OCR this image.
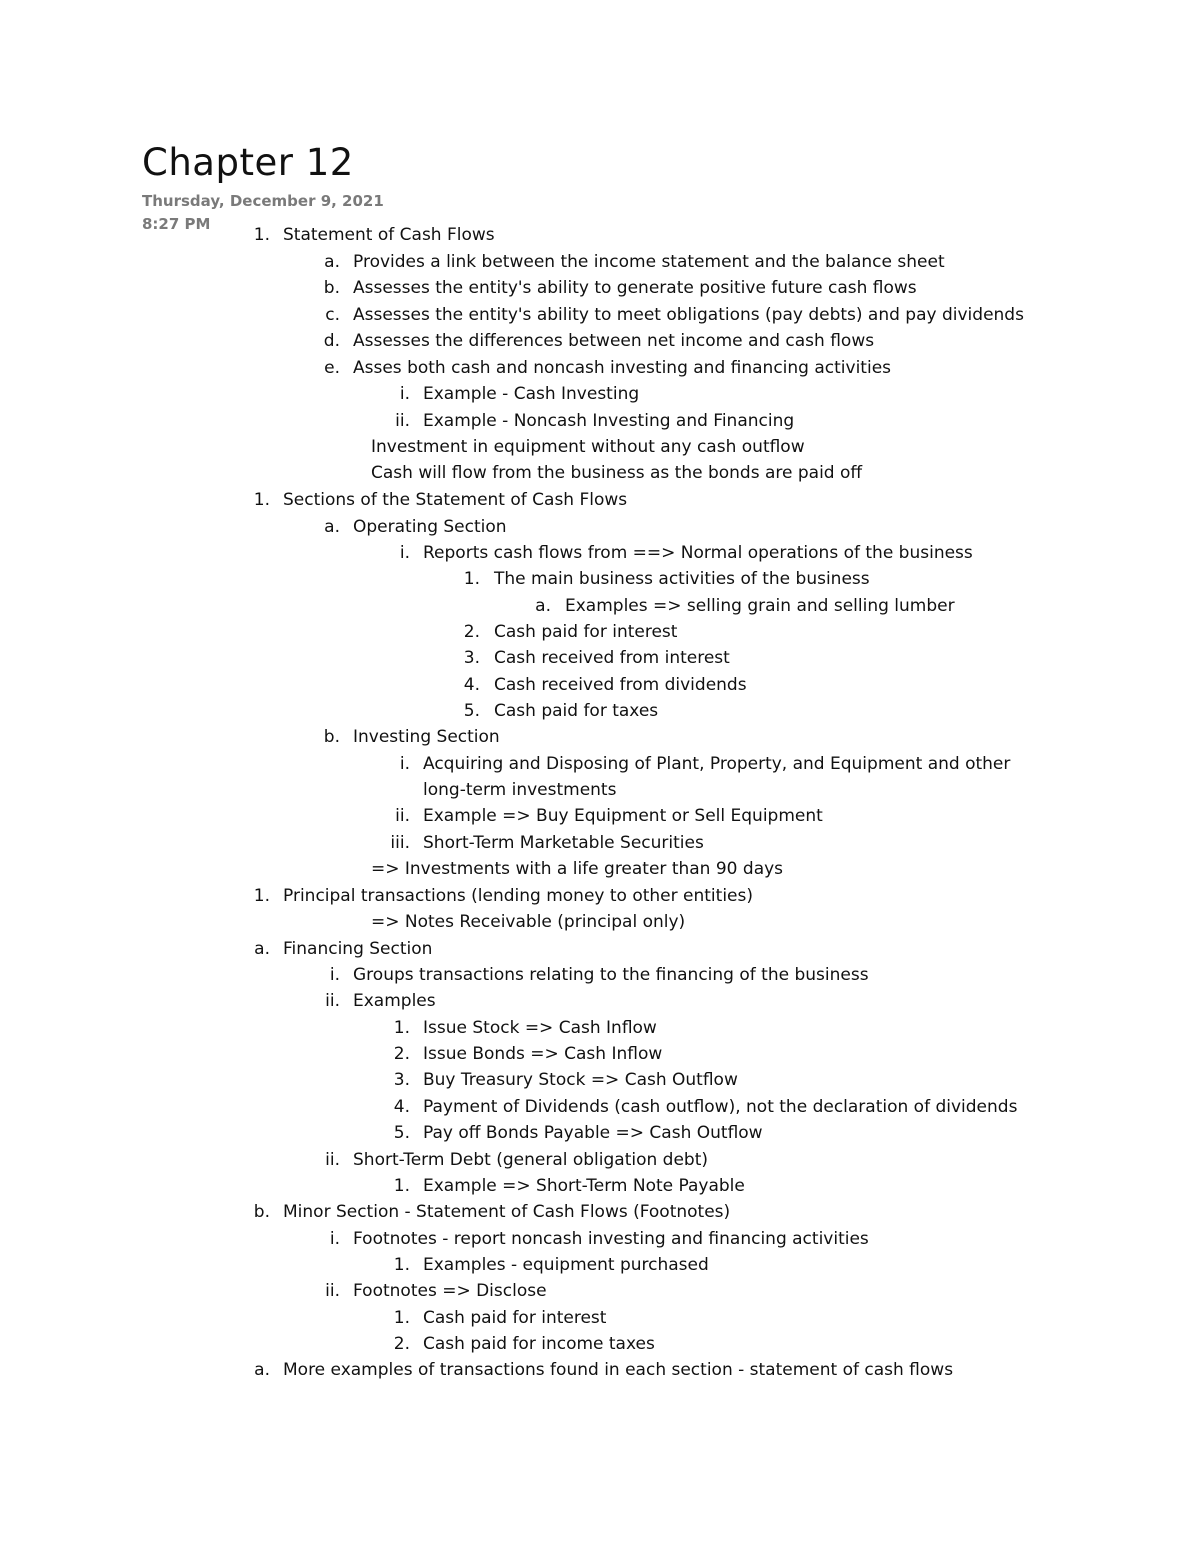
Chapter 12
Thursday, December 9, 2021
8:27 PM
1. Statement of Cash Flows
a. Provides a link between the income statement and the balance sheet
b. Assesses the entity's ability to generate positive future cash flows
c. Assesses the entity's ability to meet obligations (pay debts) and pay dividends
d. Assesses the differences between net income and cash flows
e. Asses both cash and noncash investing and financing activities
i. Example - Cash Investing
ii. Example - Noncash Investing and Financing
Investment in equipment without any cash outflow
Cash will flow from the business as the bonds are paid off
1. Sections of the Statement of Cash Flows
a. Operating Section
i. Reports cash flows from ==> Normal operations of the business
1. The main business activities of the business
a. Examples => selling grain and selling lumber
2. Cash paid for interest
3. Cash received from interest
4. Cash received from dividends
5. Cash paid for taxes
b. Investing Section
i. Acquiring and Disposing of Plant, Property, and Equipment and other
long-term investments
ii. Example => Buy Equipment or Sell Equipment
iii. Short-Term Marketable Securities
=> Investments with a life greater than 90 days
1. Principal transactions (lending money to other entities)
=> Notes Receivable (principal only)
a. Financing Section
i. Groups transactions relating to the financing of the business
ii. Examples
1. Issue Stock => Cash Inflow
2. Issue Bonds => Cash Inflow
3. Buy Treasury Stock => Cash Outflow
4. Payment of Dividends (cash outflow), not the declaration of dividends
5. Pay off Bonds Payable => Cash Outflow
ii. Short-Term Debt (general obligation debt)
1. Example => Short-Term Note Payable
b. Minor Section - Statement of Cash Flows (Footnotes)
i. Footnotes - report noncash investing and financing activities
1. Examples - equipment purchased
ii. Footnotes => Disclose
1. Cash paid for interest
2. Cash paid for income taxes
a. More examples of transactions found in each section - statement of cash flows
